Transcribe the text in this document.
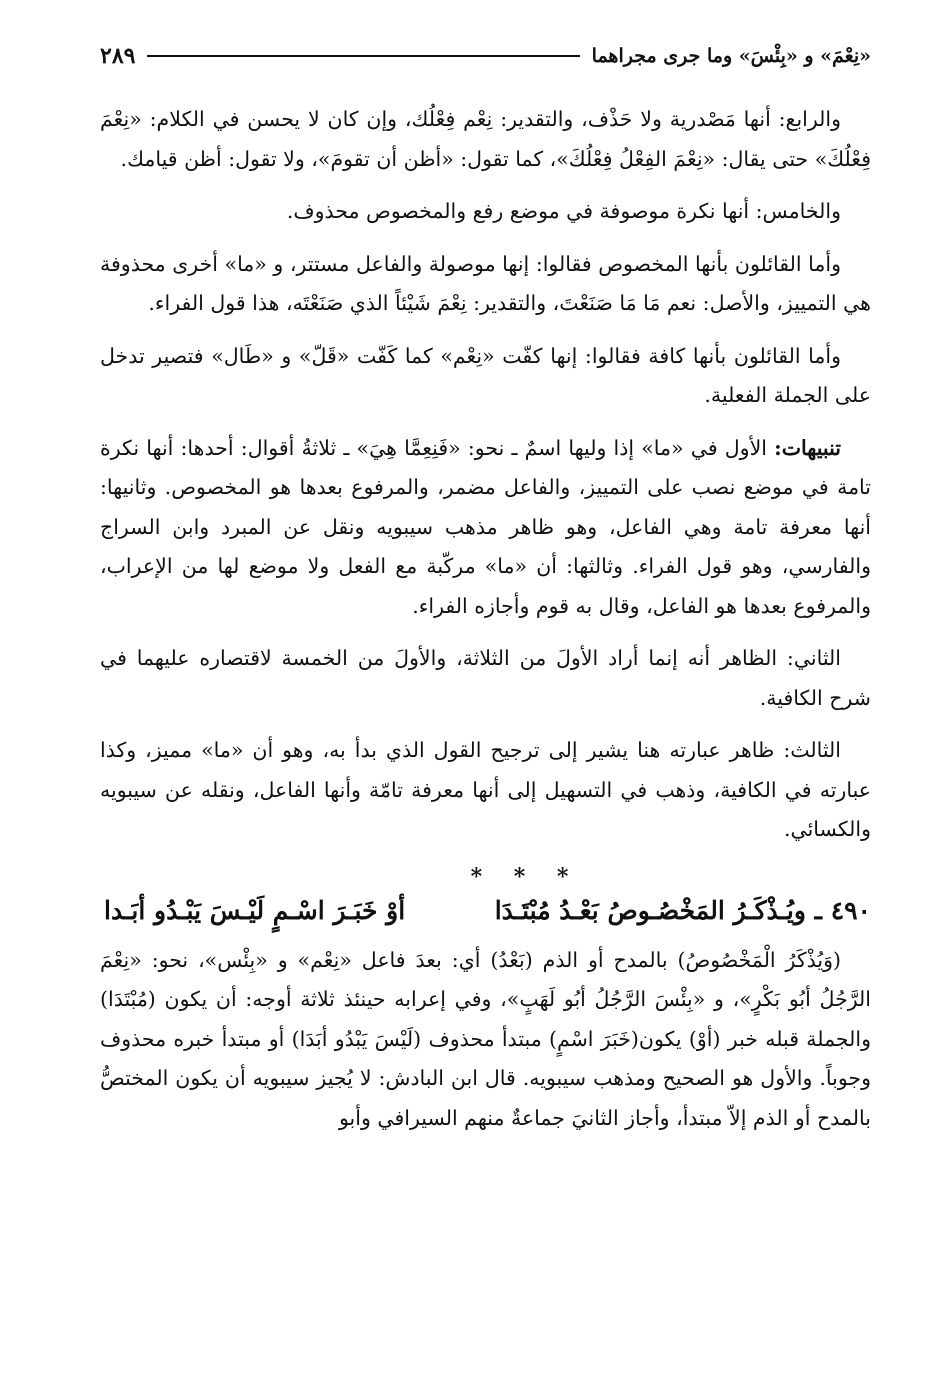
«نِعْمَ» و «بِئْسَ» وما جرى مجراهما
٢٨٩

والرابع: أنها مَصْدرية ولا حَذْف، والتقدير: نِعْم فِعْلُك، وإن كان لا يحسن في الكلام: «نِعْمَ فِعْلُكَ» حتى يقال: «نِعْمَ الفِعْلُ فِعْلُكَ»، كما تقول: «أظن أن تقومَ»، ولا تقول: أظن قيامك.

والخامس: أنها نكرة موصوفة في موضع رفع والمخصوص محذوف.

وأما القائلون بأنها المخصوص فقالوا: إنها موصولة والفاعل مستتر، و «ما» أخرى محذوفة هي التمييز، والأصل: نعم مَا مَا صَنَعْتَ، والتقدير: نِعْمَ شَيْئاً الذي صَنَعْتَه، هذا قول الفراء.

وأما القائلون بأنها كافة فقالوا: إنها كفّت «نِعْم» كما كَفّت «قَلّ» و «طَال» فتصير تدخل على الجملة الفعلية.

تنبيهات: الأول في «ما» إذا وليها اسمٌ ـ نحو: «فَنِعِمَّا هِيَ» ـ ثلاثةُ أقوال: أحدها: أنها نكرة تامة في موضع نصب على التمييز، والفاعل مضمر، والمرفوع بعدها هو المخصوص. وثانيها: أنها معرفة تامة وهي الفاعل، وهو ظاهر مذهب سيبويه ونقل عن المبرد وابن السراج والفارسي، وهو قول الفراء. وثالثها: أن «ما» مركّبة مع الفعل ولا موضع لها من الإعراب، والمرفوع بعدها هو الفاعل، وقال به قوم وأجازه الفراء.

الثاني: الظاهر أنه إنما أراد الأولَ من الثلاثة، والأولَ من الخمسة لاقتصاره عليهما في شرح الكافية.

الثالث: ظاهر عبارته هنا يشير إلى ترجيح القول الذي بدأ به، وهو أن «ما» مميز، وكذا عبارته في الكافية، وذهب في التسهيل إلى أنها معرفة تامّة وأنها الفاعل، ونقله عن سيبويه والكسائي.

* * *
٤٩٠ ـ ويُـذْكَـرُ المَخْصُـوصُ بَعْـدُ مُبْتَـدَا
أوْ خَبَـرَ اسْـمٍ لَيْـسَ يَبْـدُو أبَـدا

(وَيُذْكَرُ الْمَخْصُوصُ) بالمدح أو الذم (بَعْدُ) أي: بعدَ فاعل «نِعْم» و «بِئْس»، نحو: «نِعْمَ الرَّجُلُ أبُو بَكْرٍ»، و «بِئْسَ الرَّجُلُ أبُو لَهَبٍ»، وفي إعرابه حينئذ ثلاثة أوجه: أن يكون (مُبْتَدَا) والجملة قبله خبر (أوْ) يكون(خَبَرَ اسْمٍ) مبتدأ محذوف (لَيْسَ يَبْدُو أبَدَا) أو مبتدأ خبره محذوف وجوباً. والأول هو الصحيح ومذهب سيبويه. قال ابن البادش: لا يُجيز سيبويه أن يكون المختصُّ بالمدح أو الذم إلاّ مبتدأ، وأجاز الثانيَ جماعةٌ منهم السيرافي وأبو
